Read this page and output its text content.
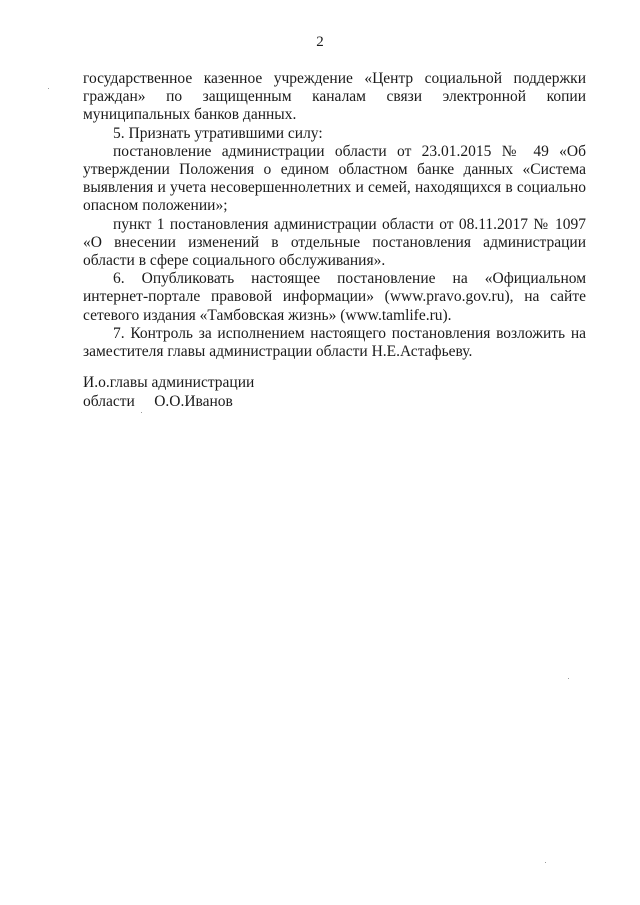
2

государственное казенное учреждение «Центр социальной поддержки граждан» по защищенным каналам связи электронной копии муниципальных банков данных.

5. Признать утратившими силу:

постановление администрации области от 23.01.2015 № 49 «Об утверждении Положения о едином областном банке данных «Система выявления и учета несовершеннолетних и семей, находящихся в социально опасном положении»;

пункт 1 постановления администрации области от 08.11.2017 № 1097 «О внесении изменений в отдельные постановления администрации области в сфере социального обслуживания».

6. Опубликовать настоящее постановление на «Официальном интернет-портале правовой информации» (www.pravo.gov.ru), на сайте сетевого издания «Тамбовская жизнь» (www.tamlife.ru).

7. Контроль за исполнением настоящего постановления возложить на заместителя главы администрации области Н.Е.Астафьеву.

И.о.главы администрации
области     О.О.Иванов
